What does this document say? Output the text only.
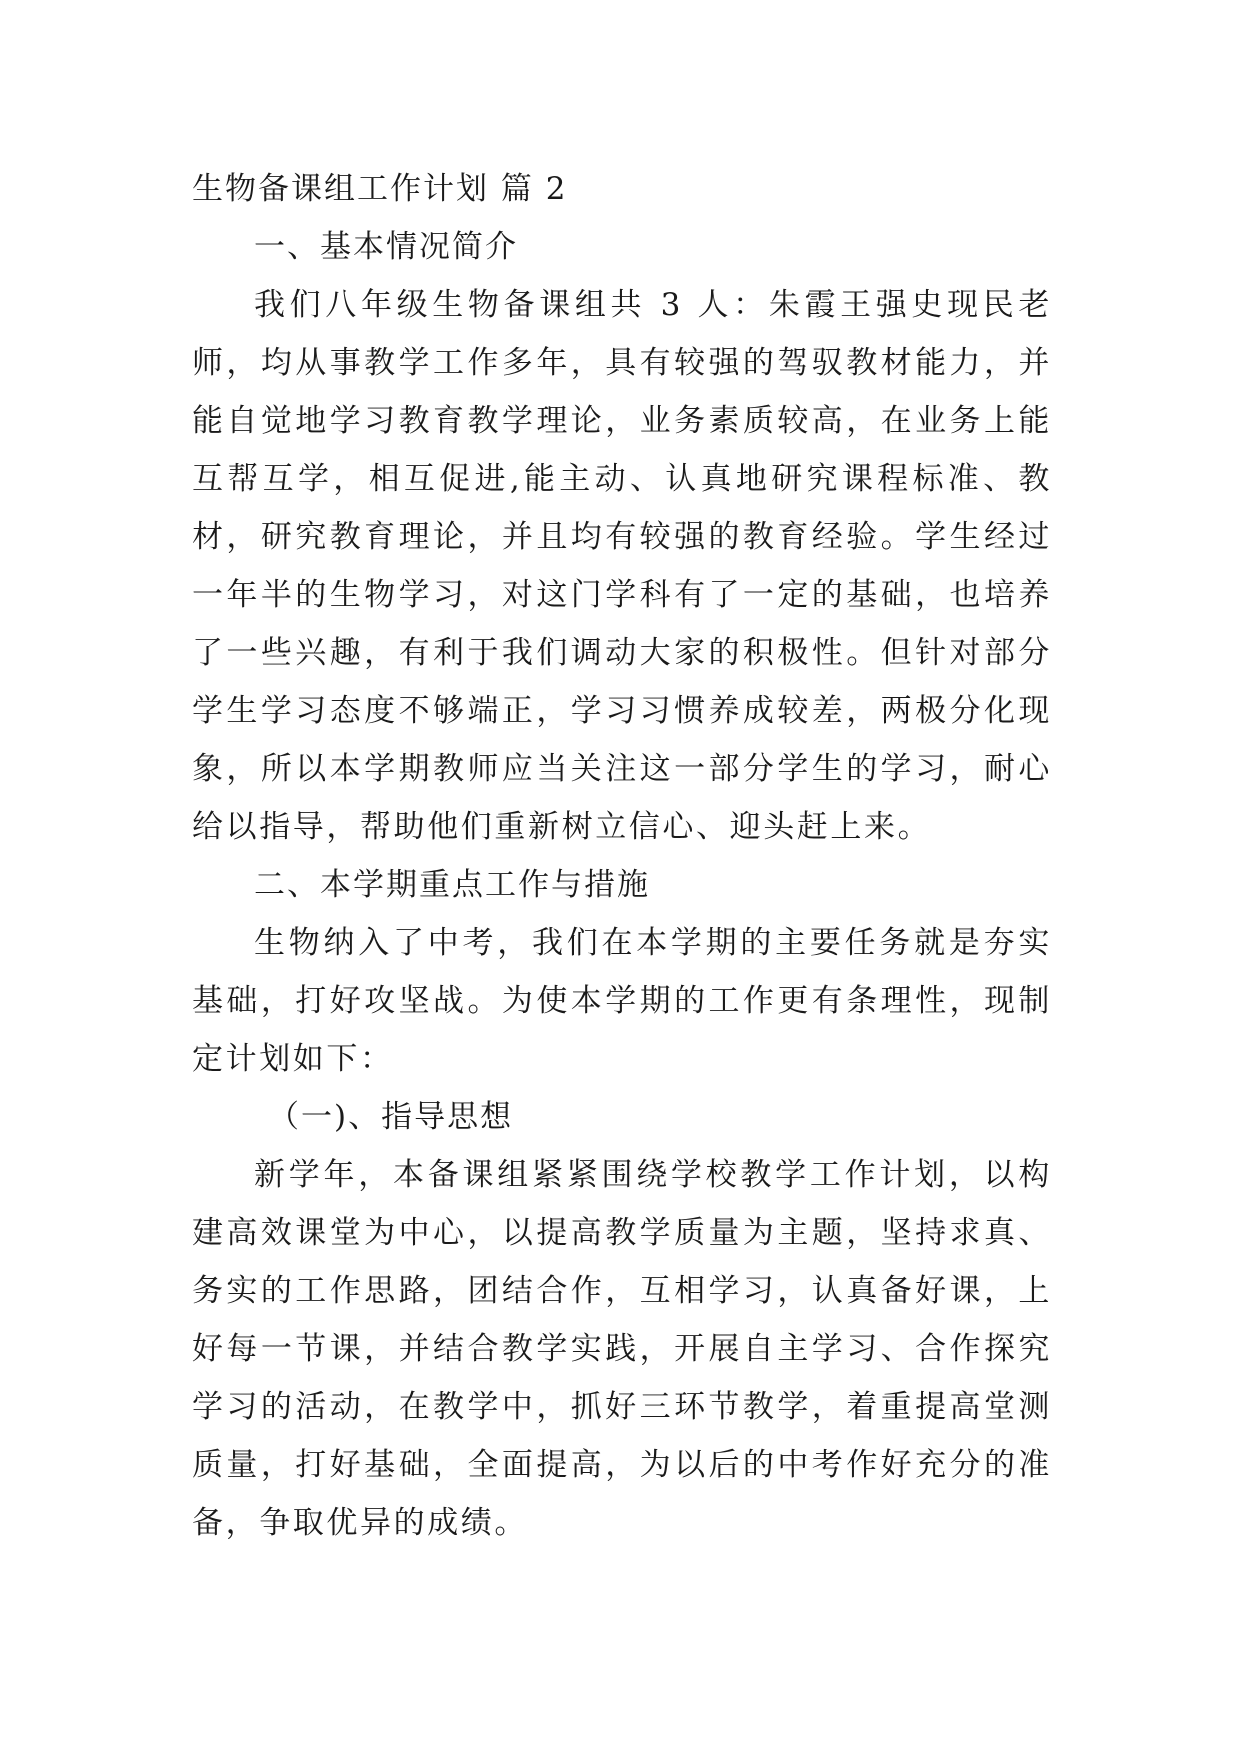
生物备课组工作计划 篇 2
一、基本情况简介

我们八年级生物备课组共 3 人：朱霞王强史现民老师，均从事教学工作多年，具有较强的驾驭教材能力，并能自觉地学习教育教学理论，业务素质较高，在业务上能互帮互学，相互促进,能主动、认真地研究课程标准、教材，研究教育理论，并且均有较强的教育经验。学生经过一年半的生物学习，对这门学科有了一定的基础，也培养了一些兴趣，有利于我们调动大家的积极性。但针对部分学生学习态度不够端正，学习习惯养成较差，两极分化现象，所以本学期教师应当关注这一部分学生的学习，耐心给以指导，帮助他们重新树立信心、迎头赶上来。

二、本学期重点工作与措施

生物纳入了中考，我们在本学期的主要任务就是夯实基础，打好攻坚战。为使本学期的工作更有条理性，现制定计划如下：

（一)、指导思想

新学年，本备课组紧紧围绕学校教学工作计划，以构建高效课堂为中心，以提高教学质量为主题，坚持求真、务实的工作思路，团结合作，互相学习，认真备好课，上好每一节课，并结合教学实践，开展自主学习、合作探究学习的活动，在教学中，抓好三环节教学，着重提高堂测质量，打好基础，全面提高，为以后的中考作好充分的准备，争取优异的成绩。
